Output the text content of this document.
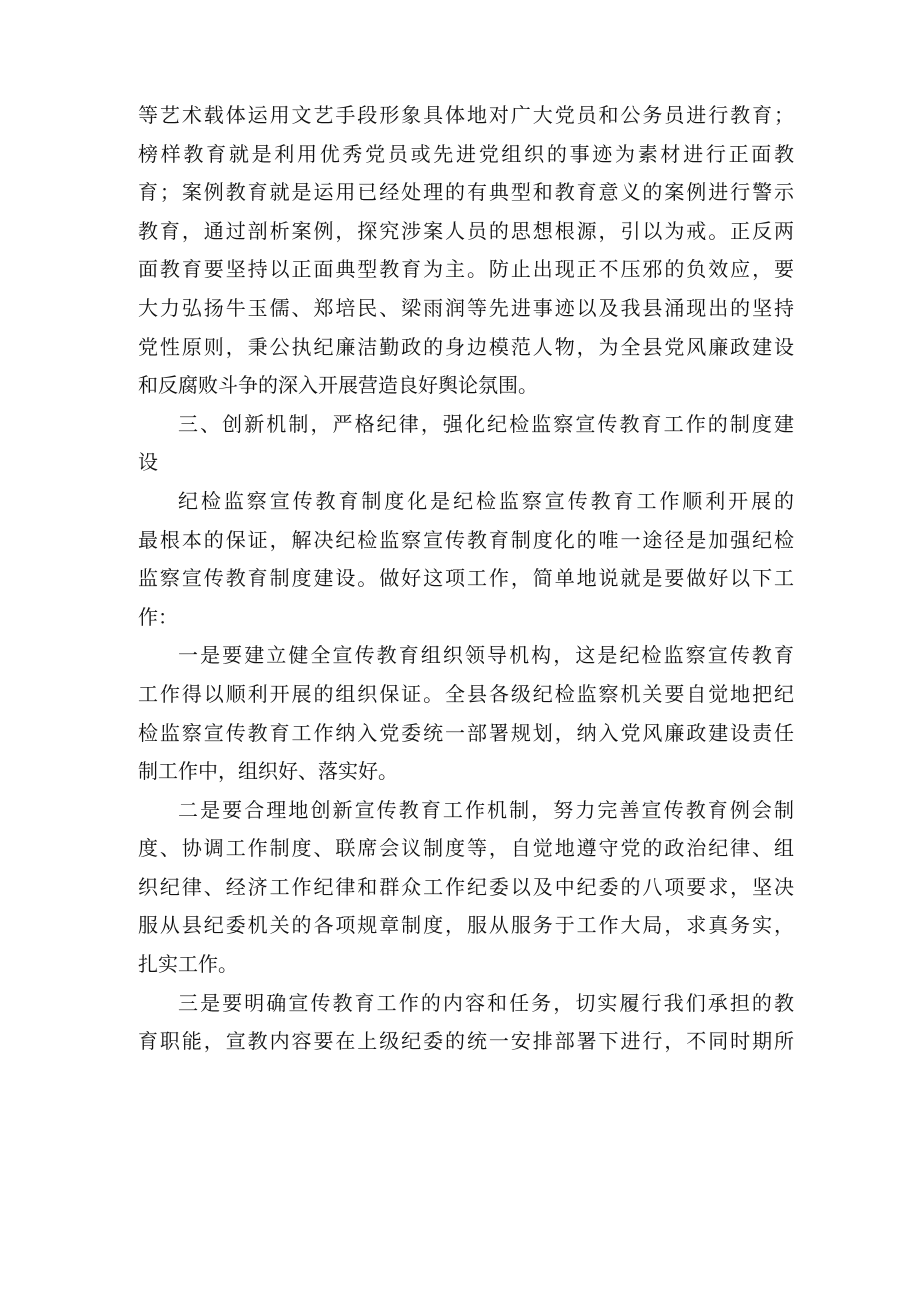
等艺术载体运用文艺手段形象具体地对广大党员和公务员进行教育；
榜样教育就是利用优秀党员或先进党组织的事迹为素材进行正面教
育；案例教育就是运用已经处理的有典型和教育意义的案例进行警示
教育，通过剖析案例，探究涉案人员的思想根源，引以为戒。正反两
面教育要坚持以正面典型教育为主。防止出现正不压邪的负效应，要
大力弘扬牛玉儒、郑培民、梁雨润等先进事迹以及我县涌现出的坚持
党性原则，秉公执纪廉洁勤政的身边模范人物，为全县党风廉政建设
和反腐败斗争的深入开展营造良好舆论氛围。
三、创新机制，严格纪律，强化纪检监察宣传教育工作的制度建
设
纪检监察宣传教育制度化是纪检监察宣传教育工作顺利开展的
最根本的保证，解决纪检监察宣传教育制度化的唯一途径是加强纪检
监察宣传教育制度建设。做好这项工作，简单地说就是要做好以下工
作：
一是要建立健全宣传教育组织领导机构，这是纪检监察宣传教育
工作得以顺利开展的组织保证。全县各级纪检监察机关要自觉地把纪
检监察宣传教育工作纳入党委统一部署规划，纳入党风廉政建设责任
制工作中，组织好、落实好。
二是要合理地创新宣传教育工作机制，努力完善宣传教育例会制
度、协调工作制度、联席会议制度等，自觉地遵守党的政治纪律、组
织纪律、经济工作纪律和群众工作纪委以及中纪委的八项要求，坚决
服从县纪委机关的各项规章制度，服从服务于工作大局，求真务实，
扎实工作。
三是要明确宣传教育工作的内容和任务，切实履行我们承担的教
育职能，宣教内容要在上级纪委的统一安排部署下进行，不同时期所
